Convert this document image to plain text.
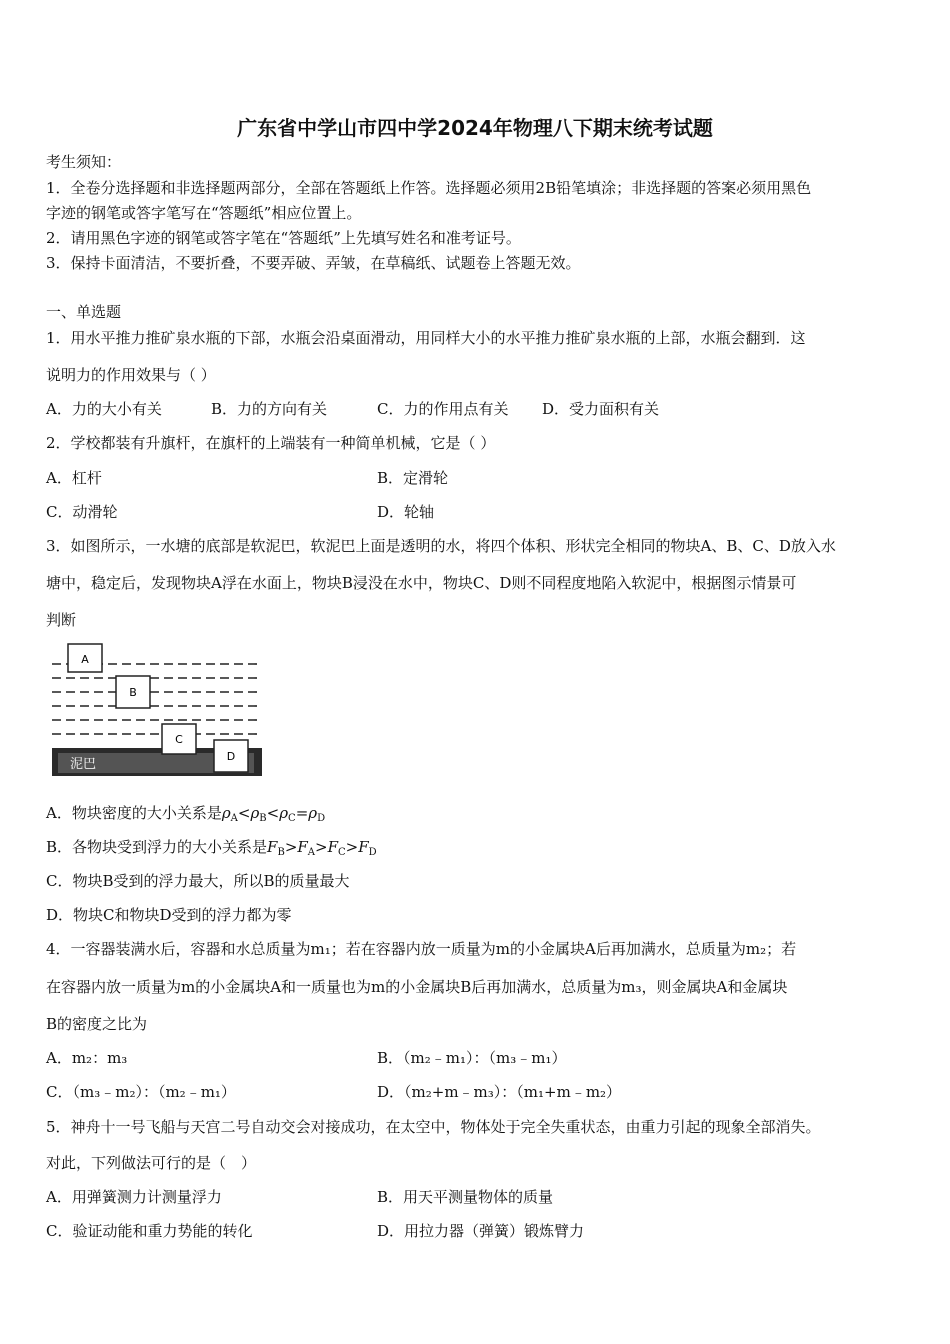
广东省中学山市四中学2024年物理八下期末统考试题
考生须知：
1．全卷分选择题和非选择题两部分，全部在答题纸上作答。选择题必须用2B铅笔填涂；非选择题的答案必须用黑色
字迹的钢笔或答字笔写在“答题纸”相应位置上。
2．请用黑色字迹的钢笔或答字笔在“答题纸”上先填写姓名和准考证号。
3．保持卡面清洁，不要折叠，不要弄破、弄皱，在草稿纸、试题卷上答题无效。
一、单选题
1．用水平推力推矿泉水瓶的下部，水瓶会沿桌面滑动，用同样大小的水平推力推矿泉水瓶的上部，水瓶会翻到．这
说明力的作用效果与（ ）
A．力的大小有关	B．力的方向有关	C．力的作用点有关 D．受力面积有关
2．学校都装有升旗杆，在旗杆的上端装有一种简单机械，它是（ ）
A．杠杆	B．定滑轮
C．动滑轮	D．轮轴
3．如图所示，一水塘的底部是软泥巴，软泥巴上面是透明的水，将四个体积、形状完全相同的物块A、B、C、D放入水
塘中，稳定后，发现物块A浮在水面上，物块B浸没在水中，物块C、D则不同程度地陷入软泥中，根据图示情景可
判断
泥巴
A
B
C
D
A．物块密度的大小关系是$\rho_A<\rho_B<\rho_C=\rho_D$
B．各物块受到浮力的大小关系是$F_B>F_A>F_C>F_D$
C．物块B受到的浮力最大，所以B的质量最大
D．物块C和物块D受到的浮力都为零
4．一容器装满水后，容器和水总质量为m₁；若在容器内放一质量为m的小金属块A后再加满水，总质量为m₂；若
在容器内放一质量为m的小金属块A和一质量也为m的小金属块B后再加满水，总质量为m₃，则金属块A和金属块
B的密度之比为
A．m₂：m₃	B．（m₂﹣m₁）：（m₃﹣m₁）
C．（m₃﹣m₂）：（m₂﹣m₁）	D．（m₂+m﹣m₃）：（m₁+m﹣m₂）
5．神舟十一号飞船与天宫二号自动交会对接成功，在太空中，物体处于完全失重状态，由重力引起的现象全部消失。
对此，下列做法可行的是（　）
A．用弹簧测力计测量浮力	B．用天平测量物体的质量
C．验证动能和重力势能的转化	D．用拉力器（弹簧）锻炼臂力
